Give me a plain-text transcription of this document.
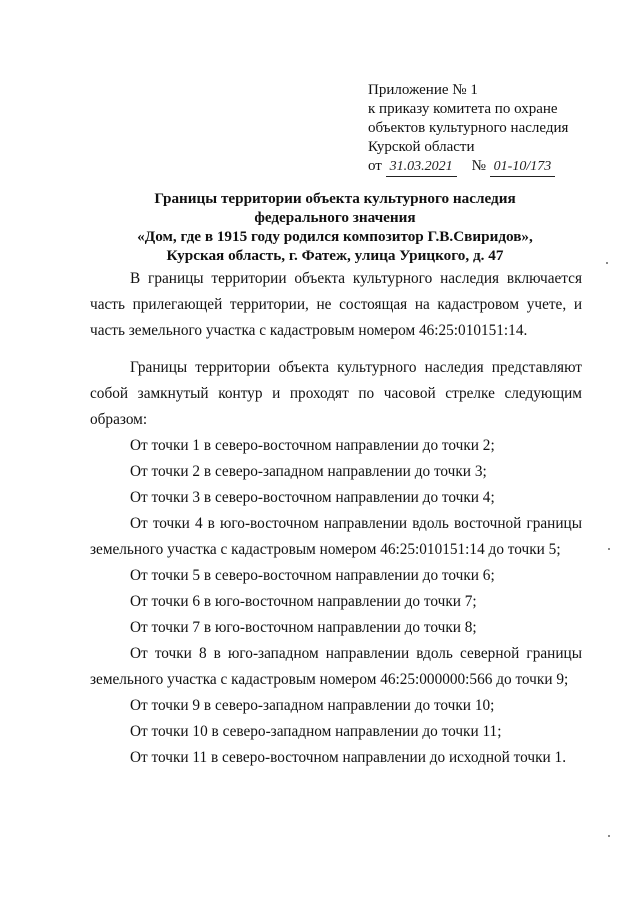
Приложение № 1
к приказу комитета по охране
объектов культурного наследия
Курской области
от 31.03.2021 № 01-10/173
Границы территории объекта культурного наследия
федерального значения
«Дом, где в 1915 году родился композитор Г.В.Свиридов»,
Курская область, г. Фатеж, улица Урицкого, д. 47

В границы территории объекта культурного наследия включается часть прилегающей территории, не состоящая на кадастровом учете, и часть земельного участка с кадастровым номером 46:25:010151:14.

Границы территории объекта культурного наследия представляют собой замкнутый контур и проходят по часовой стрелке следующим образом:

От точки 1 в северо-восточном направлении до точки 2;

От точки 2 в северо-западном направлении до точки 3;

От точки 3 в северо-восточном направлении до точки 4;

От точки 4 в юго-восточном направлении вдоль восточной границы земельного участка с кадастровым номером 46:25:010151:14 до точки 5;

От точки 5 в северо-восточном направлении до точки 6;

От точки 6 в юго-восточном направлении до точки 7;

От точки 7 в юго-восточном направлении до точки 8;

От точки 8 в юго-западном направлении вдоль северной границы земельного участка с кадастровым номером 46:25:000000:566 до точки 9;

От точки 9 в северо-западном направлении до точки 10;

От точки 10 в северо-западном направлении до точки 11;

От точки 11 в северо-восточном направлении до исходной точки 1.
